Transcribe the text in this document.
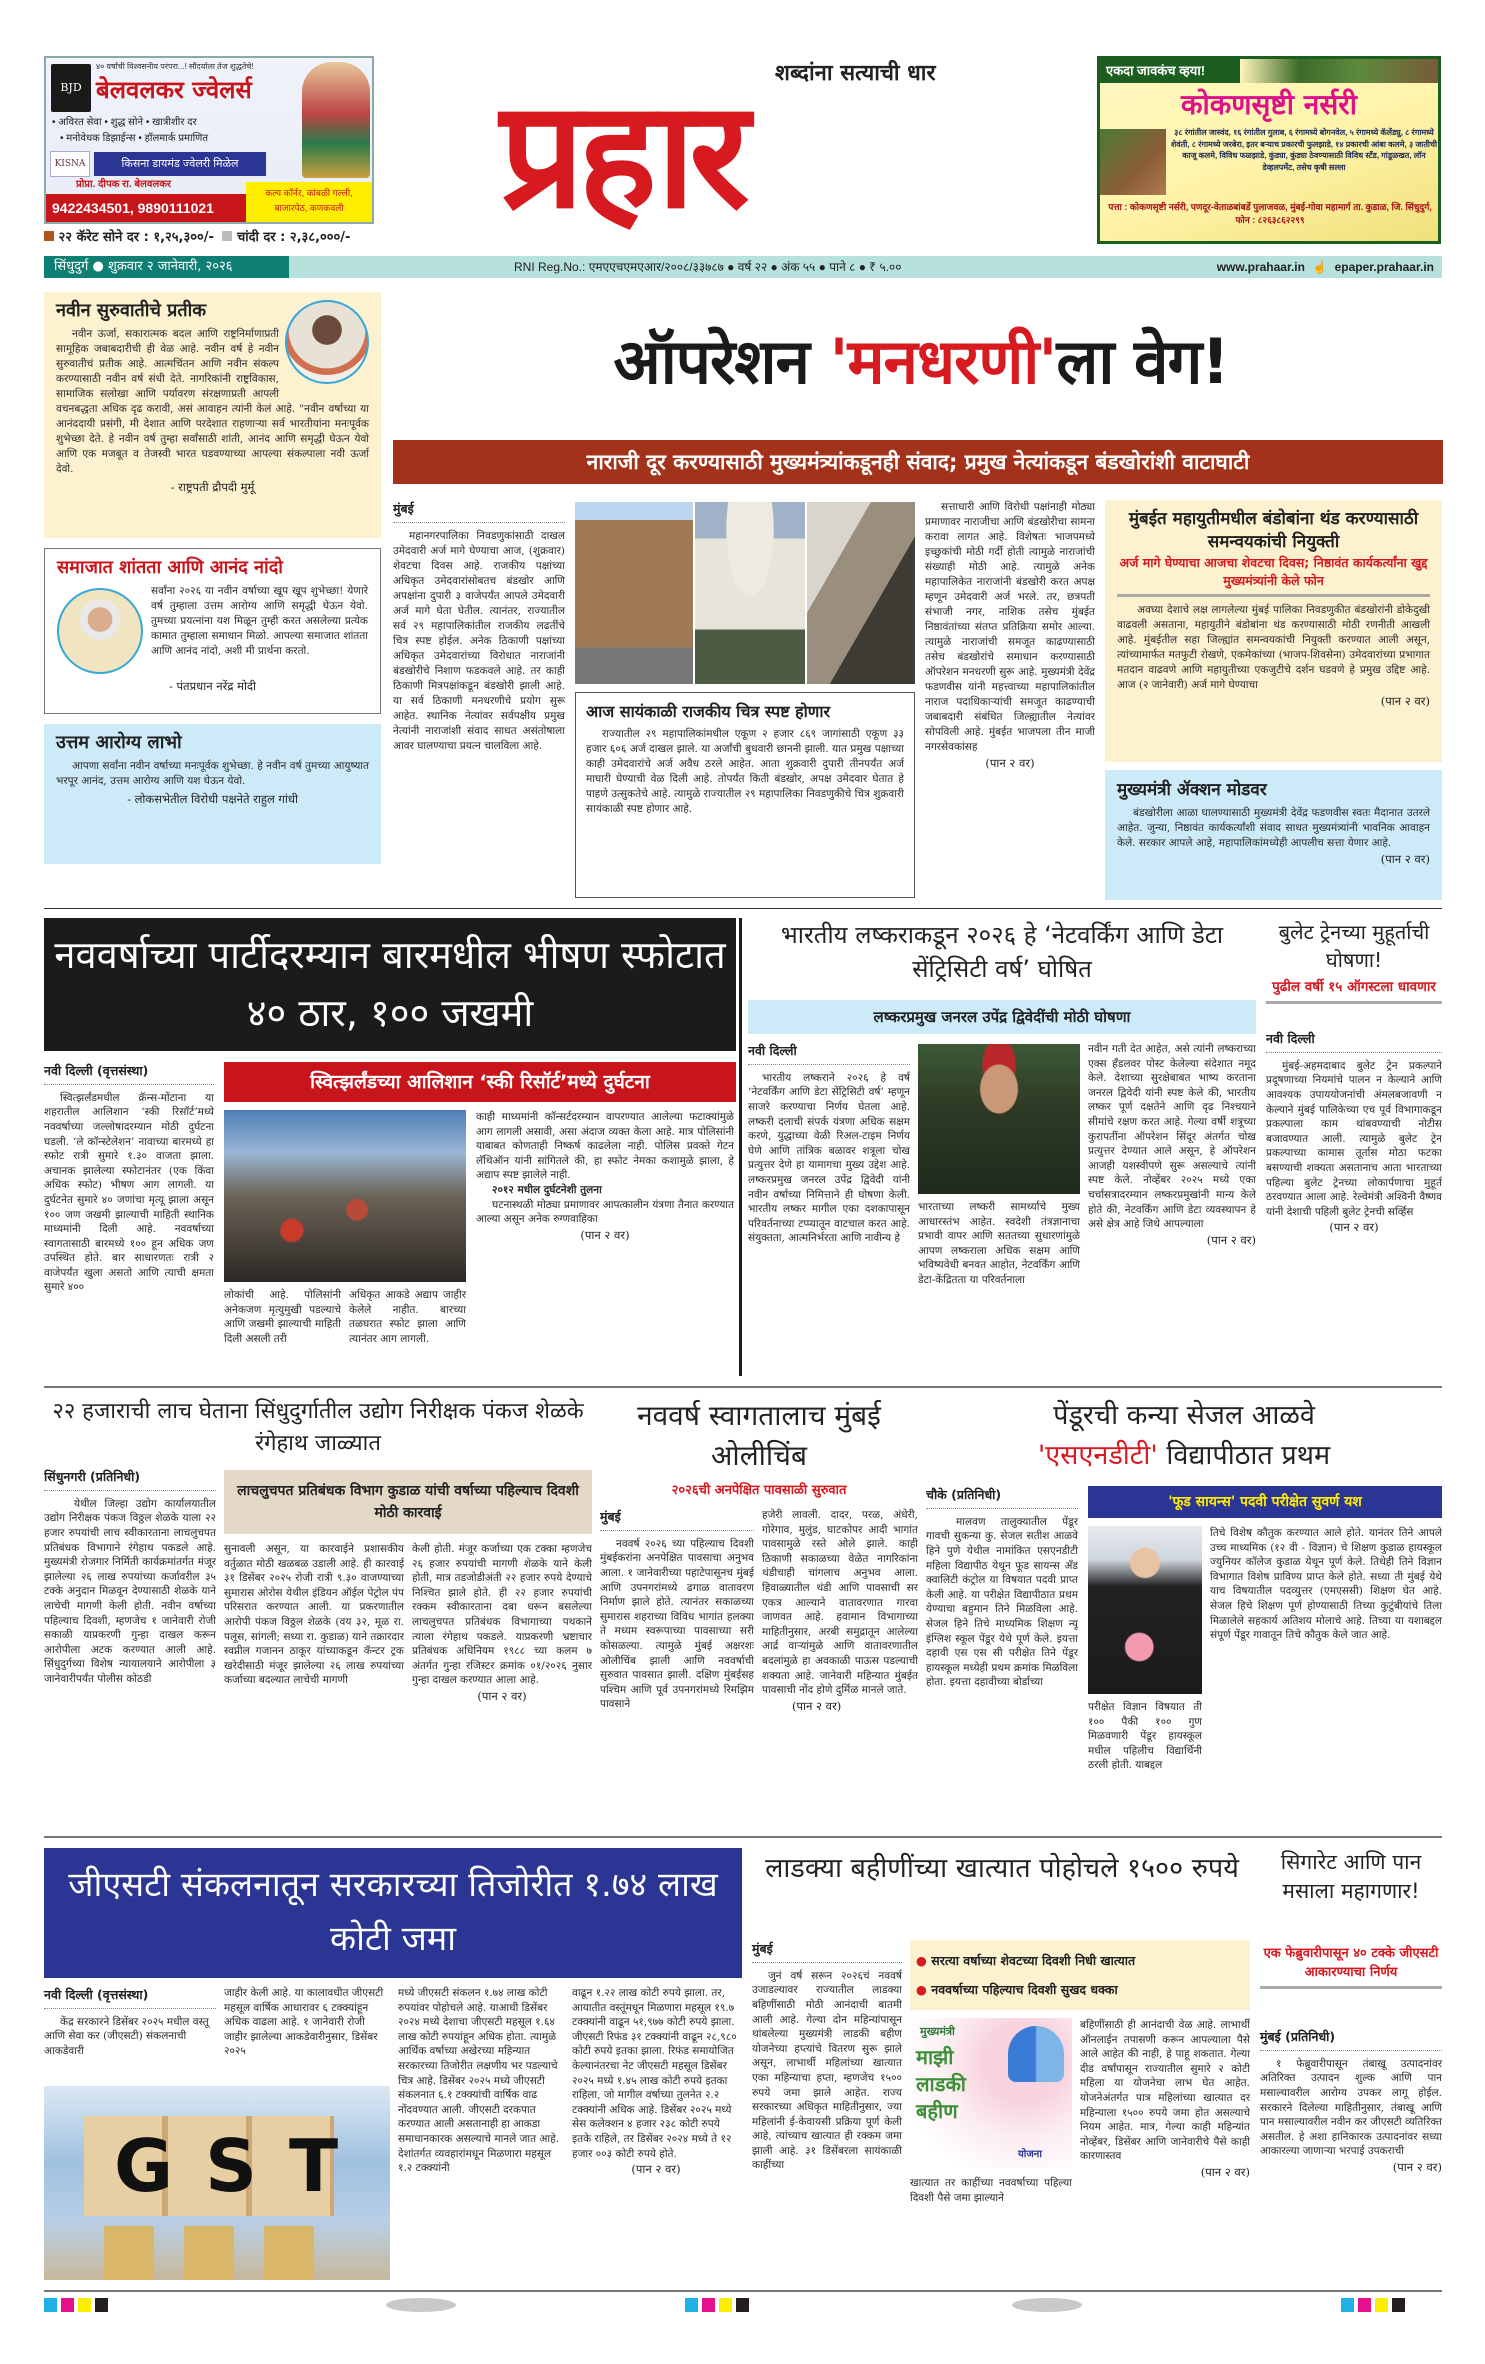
BJD
४० वर्षांची विश्वसनीय परंपरा...! सौंदर्याला तेज शुद्धतेचे!
बेलवलकर ज्वेलर्स
• अविरत सेवा • शुद्ध सोने • खात्रीशीर दर
• मनोवेधक डिझाईन्स • हॉलमार्क प्रमाणित
KISNA	किसना डायमंड ज्वेलरी मिळेल
प्रोप्रा. दीपक रा. बेलवलकर
9422434501, 9890111021
कल्प कॉर्नर, कांबळी गल्ली, बाजारपेठ, कणकवली
शब्दांना सत्याची धार
प्रहार
२२ कॅरेट सोने दर : १,२५,३००/- चांदी दर : २,३८,०००/-
एकदा जावकंच व्हया!
कोकणसृष्टी नर्सरी
३८ रंगांतील जास्वंद, १६ रंगांतील गुलाब, ६ रंगामध्ये बोगनवेल, ५ रंगामध्ये कॅलेंड्यु, ८ रंगामध्ये शेवंती, ८ रंगामध्ये जरबेरा, इतर बऱ्याच प्रकारची फुलझाडे, १४ प्रकारची आंबा कलमे, ३ जातीची काजू कलमे, विविध फळझाडे, कुंड्या, कुंड्या ठेवण्यासाठी विविध स्टँड, गांडूळखत, लॉन डेव्हलपमेंट, तसेच कृषी सल्ला
पत्ता : कोकणसृष्टी नर्सरी, पणदूर-वेताळबांबर्डे पुलाजवळ, मुंबई-गोवा महामार्ग ता. कुडाळ, जि. सिंधुदुर्ग, फोन : ८२६३८६२२९९
सिंधुदुर्ग ● शुक्रवार २ जानेवारी, २०२६	RNI Reg.No.: एमएएचएमएआर/२००८/३३७८७ ● वर्ष २२ ● अंक ५५ ● पाने ८ ● ₹ ५.००	www.prahaar.in ☝ epaper.prahaar.in
नवीन सुरुवातीचे प्रतीक
नवीन ऊर्जा, सकारात्मक बदल आणि राष्ट्रनिर्माणाप्रती सामूहिक जबाबदारीची ही वेळ आहे. नवीन वर्ष हे नवीन सुरुवातीचं प्रतीक आहे. आत्मचिंतन आणि नवीन संकल्प करण्यासाठी नवीन वर्ष संधी देते. नागरिकांनी राष्ट्रविकास, सामाजिक सलोखा आणि पर्यावरण संरक्षणाप्रती आपली वचनबद्धता अधिक दृढ करावी, असं आवाहन त्यांनी केलं आहे. "नवीन वर्षाच्या या आनंददायी प्रसंगी, मी देशात आणि परदेशात राहणाऱ्या सर्व भारतीयांना मनःपूर्वक शुभेच्छा देते. हे नवीन वर्ष तुम्हा सर्वांसाठी शांती, आनंद आणि समृद्धी घेऊन येवो आणि एक मजबूत व तेजस्वी भारत घडवण्याच्या आपल्या संकल्पाला नवी ऊर्जा देवो.
- राष्ट्रपती द्रौपदी मुर्मू
समाजात शांतता आणि आनंद नांदो
सर्वांना २०२६ या नवीन वर्षाच्या खूप खूप शुभेच्छा! येणारे वर्ष तुम्हाला उत्तम आरोग्य आणि समृद्धी घेऊन येवो. तुमच्या प्रयत्नांना यश मिळून तुम्ही करत असलेल्या प्रत्येक कामात तुम्हाला समाधान मिळो. आपल्या समाजात शांतता आणि आनंद नांदो, अशी मी प्रार्थना करतो.
- पंतप्रधान नरेंद्र मोदी
उत्तम आरोग्य लाभो
आपणा सर्वांना नवीन वर्षाच्या मनःपूर्वक शुभेच्छा. हे नवीन वर्ष तुमच्या आयुष्यात भरपूर आनंद, उत्तम आरोग्य आणि यश घेऊन येवो.
- लोकसभेतील विरोधी पक्षनेते राहुल गांधी
ऑपरेशन 'मनधरणी'ला वेग!
नाराजी दूर करण्यासाठी मुख्यमंत्र्यांकडूनही संवाद; प्रमुख नेत्यांकडून बंडखोरांशी वाटाघाटी
मुंबई
महानगरपालिका निवडणुकांसाठी दाखल उमेदवारी अर्ज मागे घेण्याचा आज, (शुक्रवार) शेवटचा दिवस आहे. राजकीय पक्षांच्या अधिकृत उमेदवारांसोबतच बंडखोर आणि अपक्षांना दुपारी ३ वाजेपर्यंत आपले उमेदवारी अर्ज मागे घेता घेतील. त्यानंतर, राज्यातील सर्व २९ महापालिकांतील राजकीय लढतींचे चित्र स्पष्ट होईल. अनेक ठिकाणी पक्षांच्या अधिकृत उमेदवारांच्या विरोधात नाराजांनी बंडखोरीचे निशाण फडकवले आहे. तर काही ठिकाणी मित्रपक्षांकडून बंडखोरी झाली आहे. या सर्व ठिकाणी मनधरणीचे प्रयोग सुरू आहेत. स्थानिक नेत्यांवर सर्वपक्षीय प्रमुख नेत्यांनी नाराजांशी संवाद साधत असंतोषाला आवर घालण्याचा प्रयत्न चालविला आहे.
आज सायंकाळी राजकीय चित्र स्पष्ट होणार
राज्यातील २९ महापालिकांमधील एकूण २ हजार ८६९ जागांसाठी एकूण ३३ हजार ६०६ अर्ज दाखल झाले. या अर्जांची बुधवारी छाननी झाली. यात प्रमुख पक्षाच्या काही उमेदवारांचे अर्ज अवैध ठरले आहेत. आता शुक्रवारी दुपारी तीनपर्यंत अर्ज माघारी घेण्याची वेळ दिली आहे. तोपर्यंत किती बंडखोर, अपक्ष उमेदवार घेतात हे पाहणे उत्सुकतेचे आहे. त्यामुळे राज्यातील २९ महापालिका निवडणुकीचे चित्र शुक्रवारी सायंकाळी स्पष्ट होणार आहे.
सत्ताधारी आणि विरोधी पक्षांनाही मोठ्या प्रमाणावर नाराजीचा आणि बंडखोरीचा सामना करावा लागत आहे. विशेषतः भाजपमध्ये इच्छुकांची मोठी गर्दी होती त्यामुळे नाराजांची संख्याही मोठी आहे. त्यामुळे अनेक महापालिकेत नाराजांनी बंडखोरी करत अपक्ष म्हणून उमेदवारी अर्ज भरले. तर, छत्रपती संभाजी नगर, नाशिक तसेच मुंबईत निष्ठावंतांच्या संतप्त प्रतिक्रिया समोर आल्या. त्यामुळे नाराजांची समजूत काढण्यासाठी तसेच बंडखोरांचे समाधान करण्यासाठी ऑपरेशन मनधरणी सुरू आहे. मुख्यमंत्री देवेंद्र फडणवीस यांनी महत्त्वाच्या महापालिकांतील नाराज पदाधिकाऱ्यांची समजूत काढण्याची जबाबदारी संबंधित जिल्ह्यातील नेत्यांवर सोपविली आहे. मुंबईत भाजपला तीन माजी नगरसेवकांसह
(पान २ वर)
मुंबईत महायुतीमधील बंडोबांना थंड करण्यासाठी समन्वयकांची नियुक्ती
अर्ज मागे घेण्याचा आजचा शेवटचा दिवस; निष्ठावंत कार्यकर्त्यांना खुद्द मुख्यमंत्र्यांनी केले फोन
अवघ्या देशाचे लक्ष लागलेल्या मुंबई पालिका निवडणुकीत बंडखोरांनी डोकेदुखी वाढवली असताना, महायुतीने बंडोबांना थंड करण्यासाठी मोठी रणनीती आखली आहे. मुंबईतील सहा जिल्ह्यांत समन्वयकांची नियुक्ती करण्यात आली असून, त्यांच्यामार्फत मतफुटी रोखणे, एकमेकांच्या (भाजप-शिवसेना) उमेदवारांच्या प्रभागात मतदान वाढवणे आणि महायुतीच्या एकजुटीचे दर्शन घडवणे हे प्रमुख उद्दिष्ट आहे. आज (२ जानेवारी) अर्ज मागे घेण्याचा
(पान २ वर)
मुख्यमंत्री ॲक्शन मोडवर
बंडखोरीला आळा घालण्यासाठी मुख्यमंत्री देवेंद्र फडणवीस स्वतः मैदानात उतरले आहेत. जुन्या, निष्ठावंत कार्यकर्त्यांशी संवाद साधत मुख्यमंत्र्यांनी भावनिक आवाहन केले. सरकार आपले आहे, महापालिकांमध्येही आपलीच सत्ता येणार आहे.
(पान २ वर)
नववर्षाच्या पार्टीदरम्यान बारमधील भीषण स्फोटात ४० ठार, १०० जखमी
स्वित्झर्लंडच्या आलिशान ‘स्की रिसॉर्ट’मध्ये दुर्घटना
नवी दिल्ली (वृत्तसंस्था)
स्वित्झर्लंडमधील क्रॅन्स-मोंटाना या शहरातील आलिशान ‘स्की रिसॉर्ट’मध्ये नववर्षाच्या जल्लोषादरम्यान मोठी दुर्घटना घडली. ‘ले कॉन्स्टेलेशन’ नावाच्या बारमध्ये हा स्फोट रात्री सुमारे १.३० वाजता झाला. अचानक झालेल्या स्फोटानंतर (एक किंवा अधिक स्फोट) भीषण आग लागली. या दुर्घटनेत सुमारे ४० जणांचा मृत्यू झाला असून १०० जण जखमी झाल्याची माहिती स्थानिक माध्यमांनी दिली आहे. नववर्षाच्या स्वागतासाठी बारमध्ये १०० हून अधिक जण उपस्थित होते. बार साधारणतः रात्री २ वाजेपर्यंत खुला असतो आणि त्याची क्षमता सुमारे ४००
लोकांची आहे. पोलिसांनी अनेकजण मृत्युमुखी पडल्याचे आणि जखमी झाल्याची माहिती दिली असली तरी
अधिकृत आकडे अद्याप जाहीर केलेले नाहीत. बारच्या तळघरात स्फोट झाला आणि त्यानंतर आग लागली.
काही माध्यमांनी कॉन्सर्टदरम्यान वापरण्यात आलेल्या फटाक्यांमुळे आग लागली असावी, असा अंदाज व्यक्त केला आहे. मात्र पोलिसांनी याबाबत कोणताही निष्कर्ष काढलेला नाही. पोलिस प्रवक्ते गेटन लॅथिऑन यांनी सांगितले की, हा स्फोट नेमका कशामुळे झाला, हे अद्याप स्पष्ट झालेले नाही.
२०१२ मधील दुर्घटनेशी तुलना
घटनास्थळी मोठ्या प्रमाणावर आपत्कालीन यंत्रणा तैनात करण्यात आल्या असून अनेक रुग्णवाहिका
(पान २ वर)
भारतीय लष्कराकडून २०२६ हे ‘नेटवर्किंग आणि डेटा सेंट्रिसिटी वर्ष’ घोषित
लष्करप्रमुख जनरल उपेंद्र द्विवेदींची मोठी घोषणा
नवी दिल्ली
भारतीय लष्कराने २०२६ हे वर्ष ‘नेटवर्किंग आणि डेटा सेंट्रिसिटी वर्ष’ म्हणून साजरे करण्याचा निर्णय घेतला आहे. लष्करी दलाची संपर्क यंत्रणा अधिक सक्षम करणे, युद्धाच्या वेळी रिअल-टाइम निर्णय घेणे आणि तांत्रिक बळावर शत्रूला चोख प्रत्युत्तर देणे हा यामागचा मुख्य उद्देश आहे. लष्करप्रमुख जनरल उपेंद्र द्विवेदी यांनी नवीन वर्षाच्या निमित्ताने ही घोषणा केली. भारतीय लष्कर मागील एका दशकापासून परिवर्तनाच्या टप्प्यातून वाटचाल करत आहे. संयुक्तता, आत्मनिर्भरता आणि नावीन्य हे
भारताच्या लष्करी सामर्थ्याचे मुख्य आधारस्तंभ आहेत. स्वदेशी तंत्रज्ञानाचा प्रभावी वापर आणि सततच्या सुधारणांमुळे आपण लष्कराला अधिक सक्षम आणि भविष्यवेधी बनवत आहोत, नेटवर्किंग आणि डेटा-केंद्रितता या परिवर्तनाला
नवीन गती देत आहेत, असे त्यांनी लष्कराच्या एक्स हँडलवर पोस्ट केलेल्या संदेशात नमूद केले. देशाच्या सुरक्षेबाबत भाष्य करताना जनरल द्विवेदी यांनी स्पष्ट केले की, भारतीय लष्कर पूर्ण दक्षतेने आणि दृढ निश्चयाने सीमांचे रक्षण करत आहे. गेल्या वर्षी शत्रूच्या कुरापतींना ऑपरेशन सिंदूर अंतर्गत चोख प्रत्युत्तर देण्यात आले असून, हे ऑपरेशन आजही यशस्वीपणे सुरू असल्याचे त्यांनी स्पष्ट केले. नोव्हेंबर २०२५ मध्ये एका चर्चासत्रादरम्यान लष्करप्रमुखांनी मान्य केले होते की, नेटवर्किंग आणि डेटा व्यवस्थापन हे असे क्षेत्र आहे जिथे आपल्याला
(पान २ वर)
बुलेट ट्रेनच्या मुहूर्ताची घोषणा!
पुढील वर्षी १५ ऑगस्टला धावणार
नवी दिल्ली
मुंबई-अहमदाबाद बुलेट ट्रेन प्रकल्पाने प्रदूषणाच्या नियमांचे पालन न केल्याने आणि आवश्यक उपाययोजनांची अंमलबजावणी न केल्याने मुंबई पालिकेच्या एच पूर्व विभागाकडून प्रकल्पाला काम थांबवण्याची नोटीस बजावण्यात आली. त्यामुळे बुलेट ट्रेन प्रकल्पाच्या कामास तूर्तास मोठा फटका बसण्याची शक्यता असतानाच आता भारताच्या पहिल्या बुलेट ट्रेनच्या लोकार्पणाचा मुहूर्त ठरवण्यात आला आहे. रेल्वेमंत्री अश्विनी वैष्णव यांनी देशाची पहिली बुलेट ट्रेनची सर्व्हिस
(पान २ वर)
२२ हजाराची लाच घेताना सिंधुदुर्गातील उद्योग निरीक्षक पंकज शेळके रंगेहाथ जाळ्यात
सिंधुनगरी (प्रतिनिधी)
येथील जिल्हा उद्योग कार्यालयातील उद्योग निरीक्षक पंकज विठ्ठल शेळके याला २२ हजार रुपयांची लाच स्वीकारताना लाचलुचपत प्रतिबंधक विभागाने रंगेहाथ पकडले आहे. मुख्यमंत्री रोजगार निर्मिती कार्यक्रमांतर्गत मंजूर झालेल्या २६ लाख रुपयांच्या कर्जावरील ३५ टक्के अनुदान मिळवून देण्यासाठी शेळके याने लाचेची मागणी केली होती. नवीन वर्षाच्या पहिल्याच दिवशी, म्हणजेच १ जानेवारी रोजी सकाळी याप्रकरणी गुन्हा दाखल करून आरोपीला अटक करण्यात आली आहे. सिंधुदुर्गच्या विशेष न्यायालयाने आरोपीला ३ जानेवारीपर्यंत पोलीस कोठडी
लाचलुचपत प्रतिबंधक विभाग कुडाळ यांची वर्षाच्या पहिल्याच दिवशी मोठी कारवाई
सुनावली असून, या कारवाईने प्रशासकीय वर्तुळात मोठी खळबळ उडाली आहे. ही कारवाई ३१ डिसेंबर २०२५ रोजी रात्री ९.३० वाजण्याच्या सुमारास ओरोस येथील इंडियन ऑईल पेट्रोल पंप परिसरात करण्यात आली. या प्रकरणातील आरोपी पंकज विठ्ठल शेळके (वय ३२, मूळ रा. पलूस, सांगली; सध्या रा. कुडाळ) याने तक्रारदार स्वप्नील गजानन ठाकूर यांच्याकडून कॅन्टर ट्रक खरेदीसाठी मंजूर झालेल्या २६ लाख रुपयांच्या कर्जाच्या बदल्यात लाचेची मागणी
केली होती. मंजूर कर्जाच्या एक टक्का म्हणजेच २६ हजार रुपयांची मागणी शेळके याने केली होती, मात्र तडजोडीअंती २२ हजार रुपये देण्याचे निश्चित झाले होते. ही २२ हजार रुपयांची रक्कम स्वीकारताना दबा धरून बसलेल्या लाचलुचपत प्रतिबंधक विभागाच्या पथकाने त्याला रंगेहाथ पकडले. याप्रकरणी भ्रष्टाचार प्रतिबंधक अधिनियम १९८८ च्या कलम ७ अंतर्गत गुन्हा रजिस्टर क्रमांक ०१/२०२६ नुसार गुन्हा दाखल करण्यात आला आहे.
(पान २ वर)
नववर्ष स्वागतालाच मुंबई ओलीचिंब
२०२६ची अनपेक्षित पावसाळी सुरुवात
मुंबई
नववर्ष २०२६ च्या पहिल्याच दिवशी मुंबईकरांना अनपेक्षित पावसाचा अनुभव आला. १ जानेवारीच्या पहाटेपासूनच मुंबई आणि उपनगरांमध्ये ढगाळ वातावरण निर्माण झाले होते. त्यानंतर सकाळच्या सुमारास शहराच्या विविध भागांत हलक्या ते मध्यम स्वरूपाच्या पावसाच्या सरी कोसळल्या. त्यामुळे मुंबई अक्षरशः ओलीचिंब झाली आणि नववर्षाची सुरुवात पावसात झाली. दक्षिण मुंबईसह पश्चिम आणि पूर्व उपनगरांमध्ये रिमझिम पावसाने
हजेरी लावली. दादर, परळ, अंधेरी, गोरेगाव, मुलुंड, घाटकोपर आदी भागांत पावसामुळे रस्ते ओले झाले. काही ठिकाणी सकाळच्या वेळेत नागरिकांना थंडीचाही चांगलाच अनुभव आला. हिवाळ्यातील थंडी आणि पावसाची सर एकत्र आल्याने वातावरणात गारवा जाणवत आहे. हवामान विभागाच्या माहितीनुसार, अरबी समुद्रातून आलेल्या आर्द्र वाऱ्यांमुळे आणि वातावरणातील बदलांमुळे हा अवकाळी पाऊस पडल्याची शक्यता आहे. जानेवारी महिन्यात मुंबईत पावसाची नोंद होणे दुर्मिळ मानले जाते.
(पान २ वर)
पेंडूरची कन्या सेजल आळवे
'एसएनडीटी' विद्यापीठात प्रथम
चौके (प्रतिनिधी)
मालवण तालुक्यातील पेंडूर गावची सुकन्या कु. सेजल सतीश आळवे हिने पुणे येथील नामांकित एसएनडीटी महिला विद्यापीठ येथून फूड सायन्स अँड क्वालिटी कंट्रोल या विषयात पदवी प्राप्त केली आहे. या परीक्षेत विद्यापीठात प्रथम येण्याचा बहुमान तिने मिळविला आहे. सेजल हिने तिचे माध्यमिक शिक्षण न्यू इंग्लिश स्कूल पेंडूर येथे पूर्ण केले. इयत्ता दहावी एस एस सी परीक्षेत तिने पेंडूर हायस्कूल मध्येही प्रथम क्रमांक मिळविला होता. इयत्ता दहावीच्या बोर्डाच्या
'फूड सायन्स' पदवी परीक्षेत सुवर्ण यश
परीक्षेत विज्ञान विषयात ती १०० पैकी १०० गुण मिळवणारी पेंडूर हायस्कूल मधील पहिलीच विद्यार्थिनी ठरली होती. याबद्दल
तिचे विशेष कौतुक करण्यात आले होते. यानंतर तिने आपले उच्च माध्यमिक (१२ वी - विज्ञान) चे शिक्षण कुडाळ हायस्कूल ज्युनियर कॉलेज कुडाळ येथून पूर्ण केले. तिथेही तिने विज्ञान विभागात विशेष प्राविण्य प्राप्त केले होते. सध्या ती मुंबई येथे याच विषयातील पदव्युत्तर (एमएससी) शिक्षण घेत आहे. सेजल हिचे शिक्षण पूर्ण होण्यासाठी तिच्या कुटुंबीयांचे तिला मिळालेले सहकार्य अतिशय मोलाचे आहे. तिच्या या यशाबद्दल संपूर्ण पेंडूर गावातून तिचे कौतुक केले जात आहे.
जीएसटी संकलनातून सरकारच्या तिजोरीत १.७४ लाख कोटी जमा
नवी दिल्ली (वृत्तसंस्था)
केंद्र सरकारने डिसेंबर २०२५ मधील वस्तू आणि सेवा कर (जीएसटी) संकलनाची आकडेवारी
जाहीर केली आहे. या कालावधीत जीएसटी महसूल वार्षिक आधारावर ६ टक्क्यांहून अधिक वाढला आहे. १ जानेवारी रोजी जाहीर झालेल्या आकडेवारीनुसार, डिसेंबर २०२५
GST
मध्ये जीएसटी संकलन १.७४ लाख कोटी रुपयांवर पोहोचले आहे. याआधी डिसेंबर २०२४ मध्ये देशाचा जीएसटी महसूल १.६४ लाख कोटी रुपयांहून अधिक होता. त्यामुळे आर्थिक वर्षाच्या अखेरच्या महिन्यात सरकारच्या तिजोरीत लक्षणीय भर पडल्याचे चित्र आहे. डिसेंबर २०२५ मध्ये जीएसटी संकलनात ६.१ टक्क्यांची वार्षिक वाढ नोंदवण्यात आली. जीएसटी दरकपात करण्यात आली असतानाही हा आकडा समाधानकारक असल्याचे मानले जात आहे. देशांतर्गत व्यवहारांमधून मिळणारा महसूल १.२ टक्क्यांनी
वाढून १.२२ लाख कोटी रुपये झाला. तर, आयातीत वस्तूंमधून मिळणारा महसूल १९.७ टक्क्यांनी वाढून ५१,९७७ कोटी रुपये झाला. जीएसटी रिफंड ३१ टक्क्यांनी वाढून २८,९८० कोटी रुपये इतका झाला. रिफंड समायोजित केल्यानंतरचा नेट जीएसटी महसूल डिसेंबर २०२५ मध्ये १.४५ लाख कोटी रुपये इतका राहिला, जो मागील वर्षाच्या तुलनेत २.२ टक्क्यांनी अधिक आहे. डिसेंबर २०२५ मध्ये सेस कलेक्शन ४ हजार २३८ कोटी रुपये इतके राहिले, तर डिसेंबर २०२४ मध्ये ते १२ हजार ००३ कोटी रुपये होते.
(पान २ वर)
लाडक्या बहीणींच्या खात्यात पोहोचले १५०० रुपये
मुंबई
जुनं वर्ष सरून २०२६चं नववर्ष उजाडल्यावर राज्यातील लाडक्या बहिणींसाठी मोठी आनंदाची बातमी आली आहे. गेल्या दोन महिन्यांपासून थांबलेल्या मुख्यमंत्री लाडकी बहीण योजनेच्या हप्त्यांचे वितरण सुरू झाले असून, लाभार्थी महिलांच्या खात्यात एका महिन्याचा हप्ता, म्हणजेच १५०० रुपये जमा झाले आहेत. राज्य सरकारच्या अधिकृत माहितीनुसार, ज्या महिलांनी ई-केवायसी प्रक्रिया पूर्ण केली आहे, त्यांच्याच खात्यात ही रक्कम जमा झाली आहे. ३१ डिसेंबरला सायंकाळी काहींच्या
● सरत्या वर्षाच्या शेवटच्या दिवशी निधी खात्यात
● नववर्षाच्या पहिल्याच दिवशी सुखद धक्का
मुख्यमंत्री
माझी लाडकी बहीण
योजना
खात्यात तर काहींच्या नववर्षाच्या पहिल्या दिवशी पैसे जमा झाल्याने
बहिणींसाठी ही आनंदाची वेळ आहे. लाभार्थी ऑनलाईन तपासणी करून आपल्याला पैसे आले आहेत की नाही, हे पाहू शकतात. गेल्या दीड वर्षांपासून राज्यातील सुमारे २ कोटी महिला या योजनेचा लाभ घेत आहेत. योजनेअंतर्गत पात्र महिलांच्या खात्यात दर महिन्याला १५०० रुपये जमा होत असल्याचे नियम आहेत. मात्र, गेल्या काही महिन्यांत नोव्हेंबर, डिसेंबर आणि जानेवारीचे पैसे काही कारणास्तव
(पान २ वर)
सिगारेट आणि पान मसाला महागणार!
एक फेब्रुवारीपासून ४० टक्के जीएसटी आकारण्याचा निर्णय
मुंबई (प्रतिनिधी)
१ फेब्रुवारीपासून तंबाखू उत्पादनांवर अतिरिक्त उत्पादन शुल्क आणि पान मसाल्यावरील आरोग्य उपकर लागू होईल. सरकारने दिलेल्या माहितीनुसार, तंबाखू आणि पान मसाल्यावरील नवीन कर जीएसटी व्यतिरिक्त असतील. हे अशा हानिकारक उत्पादनांवर सध्या आकारल्या जाणाऱ्या भरपाई उपकराची
(पान २ वर)
